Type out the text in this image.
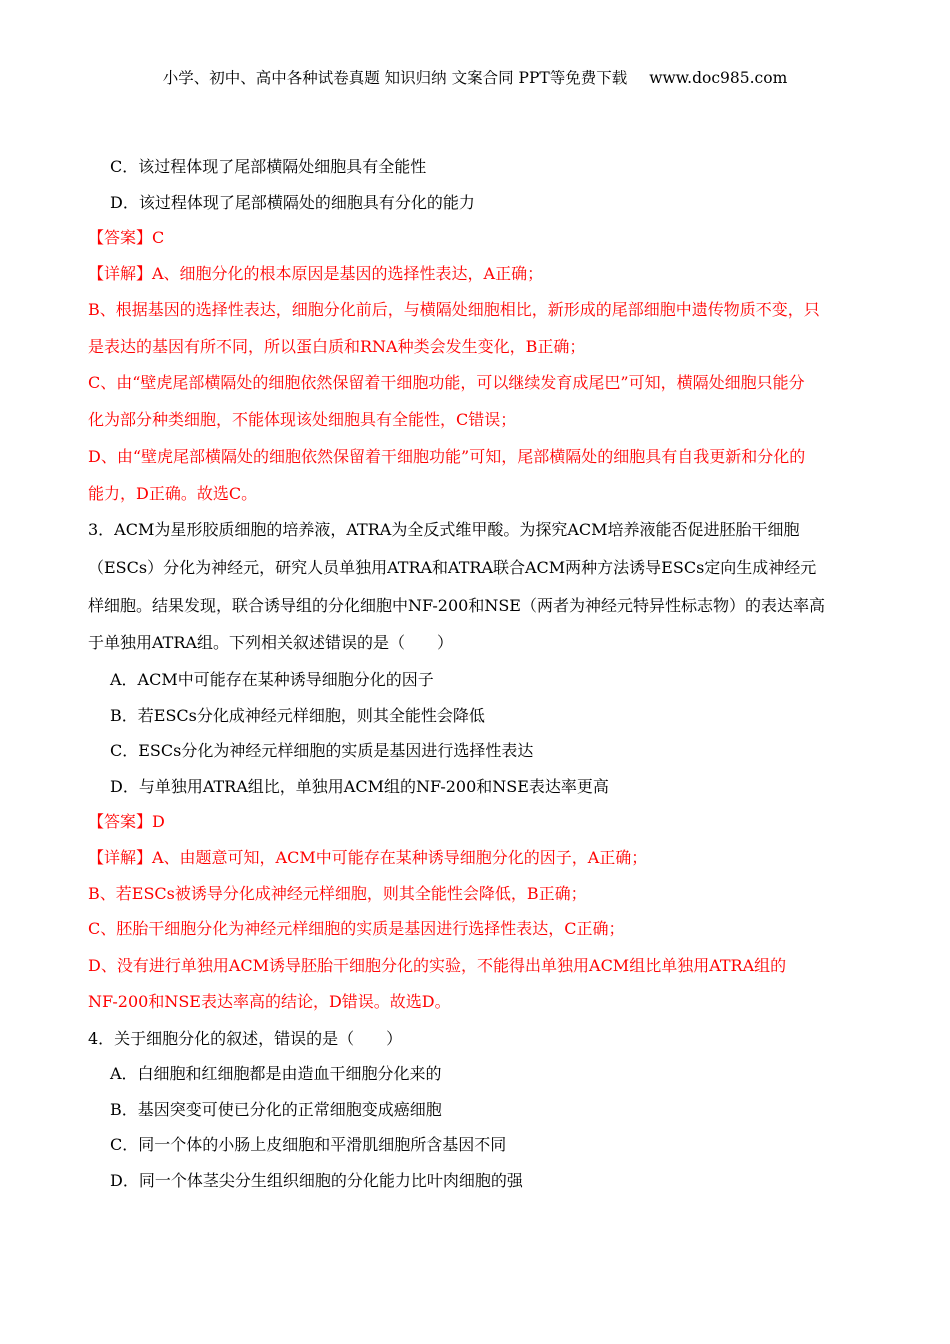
小学、初中、高中各种试卷真题 知识归纳 文案合同 PPT等免费下载 www.doc985.com
C．该过程体现了尾部横隔处细胞具有全能性
D．该过程体现了尾部横隔处的细胞具有分化的能力
【答案】C
【详解】A、细胞分化的根本原因是基因的选择性表达，A正确；
B、根据基因的选择性表达，细胞分化前后，与横隔处细胞相比，新形成的尾部细胞中遗传物质不变，只
是表达的基因有所不同，所以蛋白质和RNA种类会发生变化，B正确；
C、由“壁虎尾部横隔处的细胞依然保留着干细胞功能，可以继续发育成尾巴”可知，横隔处细胞只能分
化为部分种类细胞，不能体现该处细胞具有全能性，C错误；
D、由“壁虎尾部横隔处的细胞依然保留着干细胞功能”可知，尾部横隔处的细胞具有自我更新和分化的
能力，D正确。故选C。
3．ACM为星形胶质细胞的培养液，ATRA为全反式维甲酸。为探究ACM培养液能否促进胚胎干细胞
（ESCs）分化为神经元，研究人员单独用ATRA和ATRA联合ACM两种方法诱导ESCs定向生成神经元
样细胞。结果发现，联合诱导组的分化细胞中NF-200和NSE（两者为神经元特异性标志物）的表达率高
于单独用ATRA组。下列相关叙述错误的是（　　）
A．ACM中可能存在某种诱导细胞分化的因子
B．若ESCs分化成神经元样细胞，则其全能性会降低
C．ESCs分化为神经元样细胞的实质是基因进行选择性表达
D．与单独用ATRA组比，单独用ACM组的NF-200和NSE表达率更高
【答案】D
【详解】A、由题意可知，ACM中可能存在某种诱导细胞分化的因子，A正确；
B、若ESCs被诱导分化成神经元样细胞，则其全能性会降低，B正确；
C、胚胎干细胞分化为神经元样细胞的实质是基因进行选择性表达，C正确；
D、没有进行单独用ACM诱导胚胎干细胞分化的实验，不能得出单独用ACM组比单独用ATRA组的
NF-200和NSE表达率高的结论，D错误。故选D。
4．关于细胞分化的叙述，错误的是（　　）
A．白细胞和红细胞都是由造血干细胞分化来的
B．基因突变可使已分化的正常细胞变成癌细胞
C．同一个体的小肠上皮细胞和平滑肌细胞所含基因不同
D．同一个体茎尖分生组织细胞的分化能力比叶肉细胞的强
